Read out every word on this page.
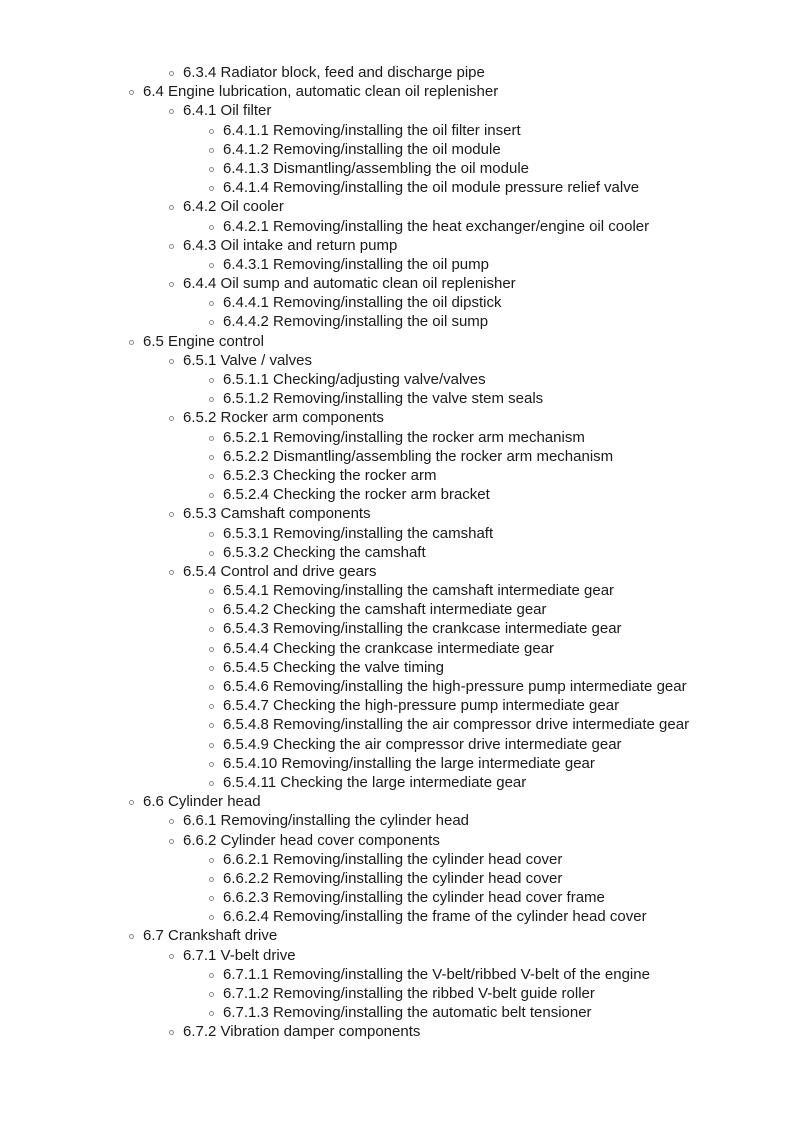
6.3.4 Radiator block, feed and discharge pipe
6.4 Engine lubrication, automatic clean oil replenisher
6.4.1 Oil filter
6.4.1.1 Removing/installing the oil filter insert
6.4.1.2 Removing/installing the oil module
6.4.1.3 Dismantling/assembling the oil module
6.4.1.4 Removing/installing the oil module pressure relief valve
6.4.2 Oil cooler
6.4.2.1 Removing/installing the heat exchanger/engine oil cooler
6.4.3 Oil intake and return pump
6.4.3.1 Removing/installing the oil pump
6.4.4 Oil sump and automatic clean oil replenisher
6.4.4.1 Removing/installing the oil dipstick
6.4.4.2 Removing/installing the oil sump
6.5 Engine control
6.5.1 Valve / valves
6.5.1.1 Checking/adjusting valve/valves
6.5.1.2 Removing/installing the valve stem seals
6.5.2 Rocker arm components
6.5.2.1 Removing/installing the rocker arm mechanism
6.5.2.2 Dismantling/assembling the rocker arm mechanism
6.5.2.3 Checking the rocker arm
6.5.2.4 Checking the rocker arm bracket
6.5.3 Camshaft components
6.5.3.1 Removing/installing the camshaft
6.5.3.2 Checking the camshaft
6.5.4 Control and drive gears
6.5.4.1 Removing/installing the camshaft intermediate gear
6.5.4.2 Checking the camshaft intermediate gear
6.5.4.3 Removing/installing the crankcase intermediate gear
6.5.4.4 Checking the crankcase intermediate gear
6.5.4.5 Checking the valve timing
6.5.4.6 Removing/installing the high-pressure pump intermediate gear
6.5.4.7 Checking the high-pressure pump intermediate gear
6.5.4.8 Removing/installing the air compressor drive intermediate gear
6.5.4.9 Checking the air compressor drive intermediate gear
6.5.4.10 Removing/installing the large intermediate gear
6.5.4.11 Checking the large intermediate gear
6.6 Cylinder head
6.6.1 Removing/installing the cylinder head
6.6.2 Cylinder head cover components
6.6.2.1 Removing/installing the cylinder head cover
6.6.2.2 Removing/installing the cylinder head cover
6.6.2.3 Removing/installing the cylinder head cover frame
6.6.2.4 Removing/installing the frame of the cylinder head cover
6.7 Crankshaft drive
6.7.1 V-belt drive
6.7.1.1 Removing/installing the V-belt/ribbed V-belt of the engine
6.7.1.2 Removing/installing the ribbed V-belt guide roller
6.7.1.3 Removing/installing the automatic belt tensioner
6.7.2 Vibration damper components
